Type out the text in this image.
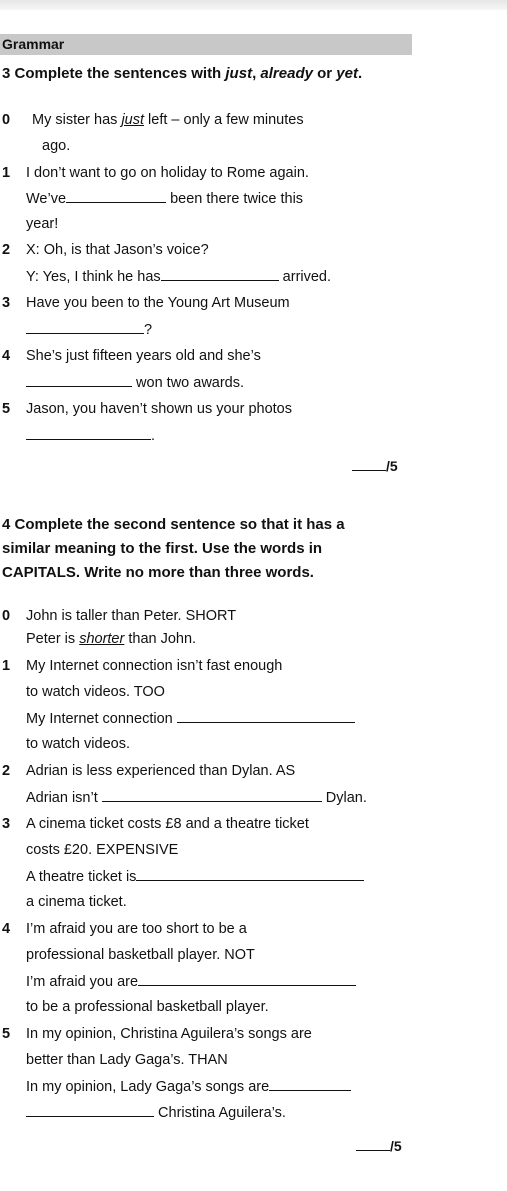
Grammar
3 Complete the sentences with just, already or yet.
0 My sister has just left – only a few minutes
ago.
1 I don’t want to go on holiday to Rome again.
We’ve	been there twice this
year!
2 X: Oh, is that Jason’s voice?
Y: Yes, I think he has	arrived.
3 Have you been to the Young Art Museum
?
4 She’s just fifteen years old and she’s
won two awards.
5 Jason, you haven’t shown us your photos
.
/5
4 Complete the second sentence so that it has a
similar meaning to the first. Use the words in
CAPITALS. Write no more than three words.
0 John is taller than Peter. SHORT
Peter is shorter than John.
1 My Internet connection isn’t fast enough
to watch videos. TOO
My Internet connection
to watch videos.
2 Adrian is less experienced than Dylan. AS
Adrian isn’t	Dylan.
3 A cinema ticket costs £8 and a theatre ticket
costs £20. EXPENSIVE
A theatre ticket is
a cinema ticket.
4 I’m afraid you are too short to be a
professional basketball player. NOT
I’m afraid you are
to be a professional basketball player.
5 In my opinion, Christina Aguilera’s songs are
better than Lady Gaga’s. THAN
In my opinion, Lady Gaga’s songs are
Christina Aguilera’s.
/5
